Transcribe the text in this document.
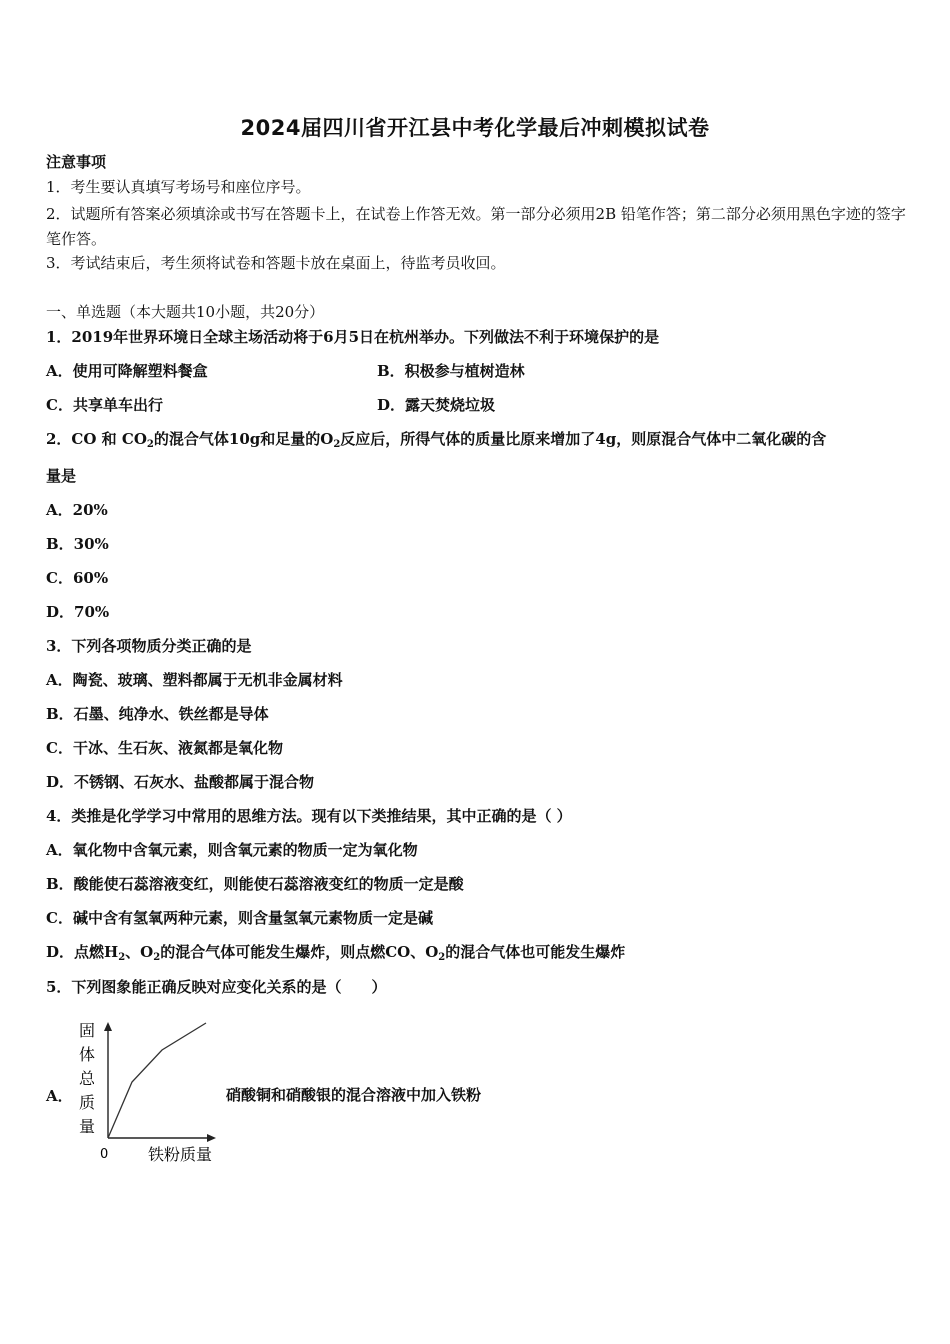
2024届四川省开江县中考化学最后冲刺模拟试卷
注意事项
1．考生要认真填写考场号和座位序号。
2．试题所有答案必须填涂或书写在答题卡上，在试卷上作答无效。第一部分必须用2B 铅笔作答；第二部分必须用黑色字迹的签字笔作答。
3．考试结束后，考生须将试卷和答题卡放在桌面上，待监考员收回。
一、单选题（本大题共10小题，共20分）
1．2019年世界环境日全球主场活动将于6月5日在杭州举办。下列做法不利于环境保护的是
A．使用可降解塑料餐盒	B．积极参与植树造林
C．共享单车出行	D．露天焚烧垃圾
2．CO 和 $CO_2$的混合气体10g和足量的$O_2$反应后，所得气体的质量比原来增加了4g，则原混合气体中二氧化碳的含
量是
A．20%
B．30%
C．60%
D．70%
3．下列各项物质分类正确的是
A．陶瓷、玻璃、塑料都属于无机非金属材料
B．石墨、纯净水、铁丝都是导体
C．干冰、生石灰、液氮都是氧化物
D．不锈钢、石灰水、盐酸都属于混合物
4．类推是化学学习中常用的思维方法。现有以下类推结果，其中正确的是（ ）
A．氧化物中含氧元素，则含氧元素的物质一定为氧化物
B．酸能使石蕊溶液变红，则能使石蕊溶液变红的物质一定是酸
C．碱中含有氢氧两种元素，则含量氢氧元素物质一定是碱
D．点燃$H_2$、$O_2$的混合气体可能发生爆炸，则点燃CO、$O_2$的混合气体也可能发生爆炸
5．下列图象能正确反映对应变化关系的是（　　）
A．
固
体
总
质
量
0 铁粉质量
硝酸铜和硝酸银的混合溶液中加入铁粉
